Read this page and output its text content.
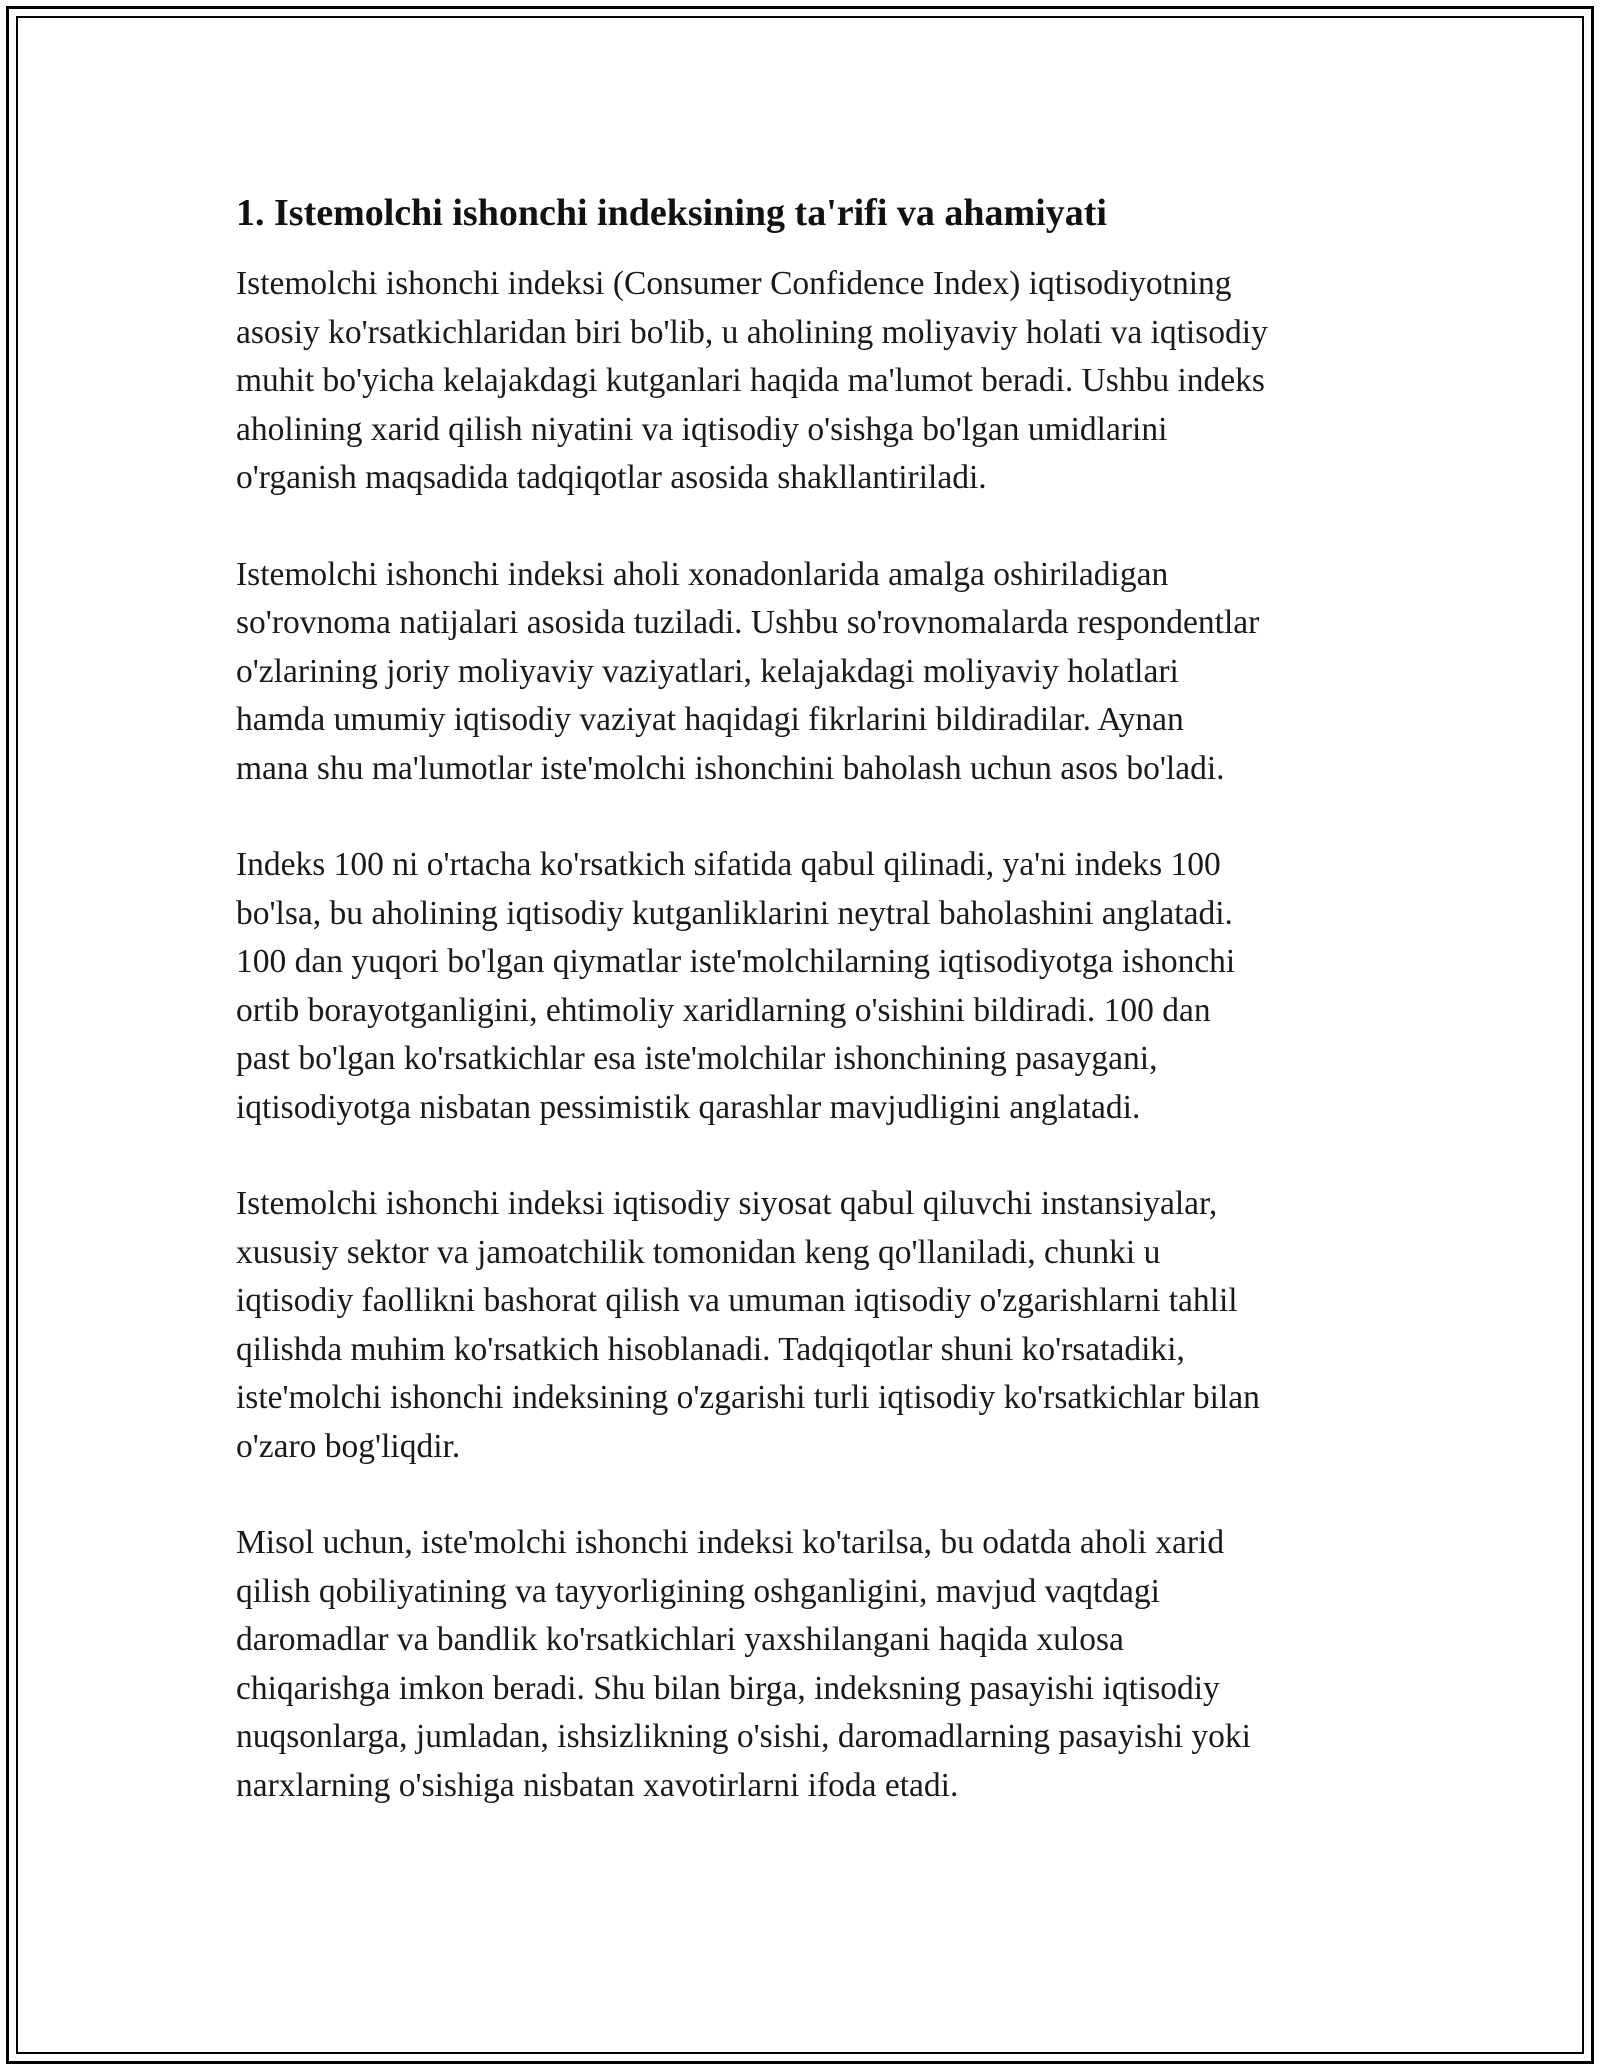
1. Istemolchi ishonchi indeksining ta'rifi va ahamiyati

Istemolchi ishonchi indeksi (Consumer Confidence Index) iqtisodiyotning
asosiy ko'rsatkichlaridan biri bo'lib, u aholining moliyaviy holati va iqtisodiy
muhit bo'yicha kelajakdagi kutganlari haqida ma'lumot beradi. Ushbu indeks
aholining xarid qilish niyatini va iqtisodiy o'sishga bo'lgan umidlarini
o'rganish maqsadida tadqiqotlar asosida shakllantiriladi.

Istemolchi ishonchi indeksi aholi xonadonlarida amalga oshiriladigan
so'rovnoma natijalari asosida tuziladi. Ushbu so'rovnomalarda respondentlar
o'zlarining joriy moliyaviy vaziyatlari, kelajakdagi moliyaviy holatlari
hamda umumiy iqtisodiy vaziyat haqidagi fikrlarini bildiradilar. Aynan
mana shu ma'lumotlar iste'molchi ishonchini baholash uchun asos bo'ladi.

Indeks 100 ni o'rtacha ko'rsatkich sifatida qabul qilinadi, ya'ni indeks 100
bo'lsa, bu aholining iqtisodiy kutganliklarini neytral baholashini anglatadi.
100 dan yuqori bo'lgan qiymatlar iste'molchilarning iqtisodiyotga ishonchi
ortib borayotganligini, ehtimoliy xaridlarning o'sishini bildiradi. 100 dan
past bo'lgan ko'rsatkichlar esa iste'molchilar ishonchining pasaygani,
iqtisodiyotga nisbatan pessimistik qarashlar mavjudligini anglatadi.

Istemolchi ishonchi indeksi iqtisodiy siyosat qabul qiluvchi instansiyalar,
xususiy sektor va jamoatchilik tomonidan keng qo'llaniladi, chunki u
iqtisodiy faollikni bashorat qilish va umuman iqtisodiy o'zgarishlarni tahlil
qilishda muhim ko'rsatkich hisoblanadi. Tadqiqotlar shuni ko'rsatadiki,
iste'molchi ishonchi indeksining o'zgarishi turli iqtisodiy ko'rsatkichlar bilan
o'zaro bog'liqdir.

Misol uchun, iste'molchi ishonchi indeksi ko'tarilsa, bu odatda aholi xarid
qilish qobiliyatining va tayyorligining oshganligini, mavjud vaqtdagi
daromadlar va bandlik ko'rsatkichlari yaxshilangani haqida xulosa
chiqarishga imkon beradi. Shu bilan birga, indeksning pasayishi iqtisodiy
nuqsonlarga, jumladan, ishsizlikning o'sishi, daromadlarning pasayishi yoki
narxlarning o'sishiga nisbatan xavotirlarni ifoda etadi.
